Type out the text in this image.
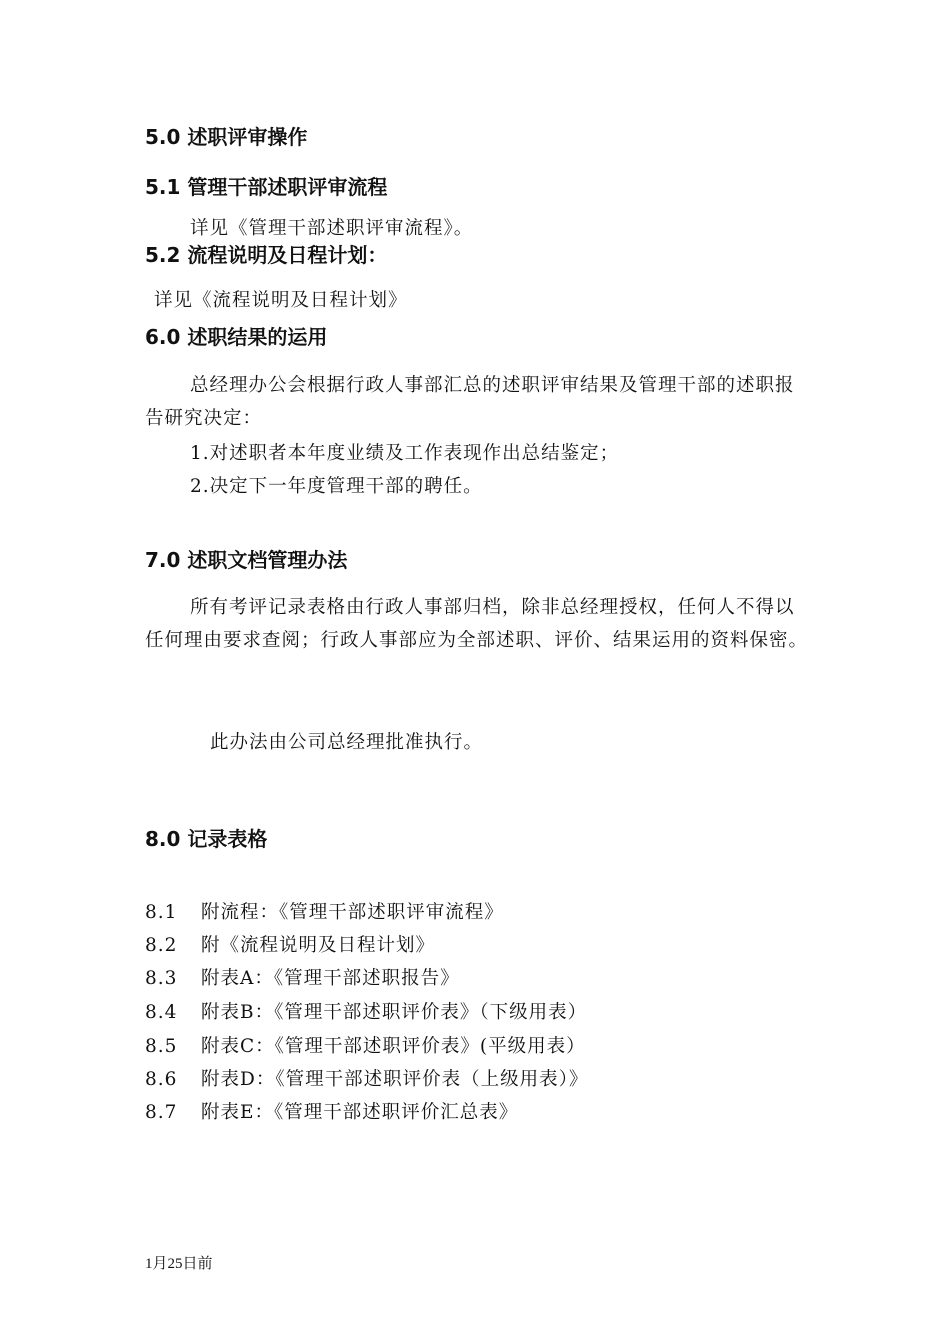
5.0 述职评审操作
5.1 管理干部述职评审流程
详见《管理干部述职评审流程》。
5.2 流程说明及日程计划：
详见《流程说明及日程计划》
6.0 述职结果的运用
总经理办公会根据行政人事部汇总的述职评审结果及管理干部的述职报告研究决定：
1.对述职者本年度业绩及工作表现作出总结鉴定；
2.决定下一年度管理干部的聘任。
7.0 述职文档管理办法
所有考评记录表格由行政人事部归档，除非总经理授权，任何人不得以任何理由要求查阅；行政人事部应为全部述职、评价、结果运用的资料保密。
此办法由公司总经理批准执行。
8.0 记录表格
8.1 附流程：《管理干部述职评审流程》
8.2 附《流程说明及日程计划》
8.3 附表A：《管理干部述职报告》
8.4 附表B：《管理干部述职评价表》（下级用表）
8.5 附表C：《管理干部述职评价表》(平级用表）
8.6 附表D：《管理干部述职评价表（上级用表）》
8.7 附表E：《管理干部述职评价汇总表》
1月25日前
